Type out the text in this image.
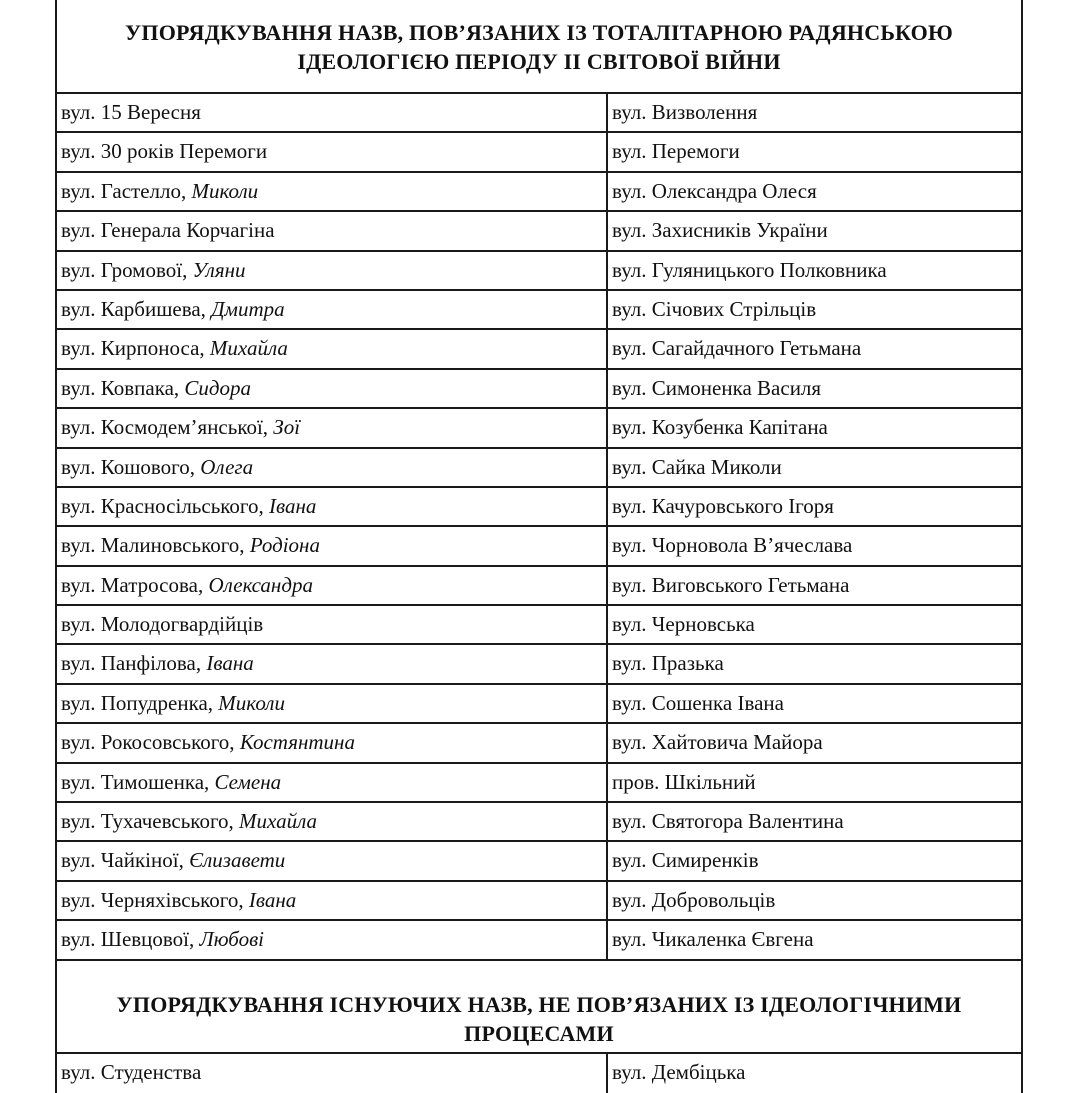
УПОРЯДКУВАННЯ НАЗВ, ПОВ’ЯЗАНИХ ІЗ ТОТАЛІТАРНОЮ РАДЯНСЬКОЮ
ІДЕОЛОГІЄЮ ПЕРІОДУ ІІ СВІТОВОЇ ВІЙНИ
вул. 15 Вересня	вул. Визволення
вул. 30 років Перемоги	вул. Перемоги
вул. Гастелло, Миколи	вул. Олександра Олеся
вул. Генерала Корчагіна	вул. Захисників України
вул. Громової, Уляни	вул. Гуляницького Полковника
вул. Карбишева, Дмитра	вул. Січових Стрільців
вул. Кирпоноса, Михайла	вул. Сагайдачного Гетьмана
вул. Ковпака, Сидора	вул. Симоненка Василя
вул. Космодем’янської, Зої	вул. Козубенка Капітана
вул. Кошового, Олега	вул. Сайка Миколи
вул. Красносільського, Івана	вул. Качуровського Ігоря
вул. Малиновського, Родіона	вул. Чорновола В’ячеслава
вул. Матросова, Олександра	вул. Виговського Гетьмана
вул. Молодогвардійців	вул. Черновська
вул. Панфілова, Івана	вул. Празька
вул. Попудренка, Миколи	вул. Сошенка Івана
вул. Рокосовського, Костянтина	вул. Хайтовича Майора
вул. Тимошенка, Семена	пров. Шкільний
вул. Тухачевського, Михайла	вул. Святогора Валентина
вул. Чайкіної, Єлизавети	вул. Симиренків
вул. Черняхівського, Івана	вул. Добровольців
вул. Шевцової, Любові	вул. Чикаленка Євгена
УПОРЯДКУВАННЯ ІСНУЮЧИХ НАЗВ, НЕ ПОВ’ЯЗАНИХ ІЗ ІДЕОЛОГІЧНИМИ
ПРОЦЕСАМИ
вул. Студенства	вул. Дембіцька
